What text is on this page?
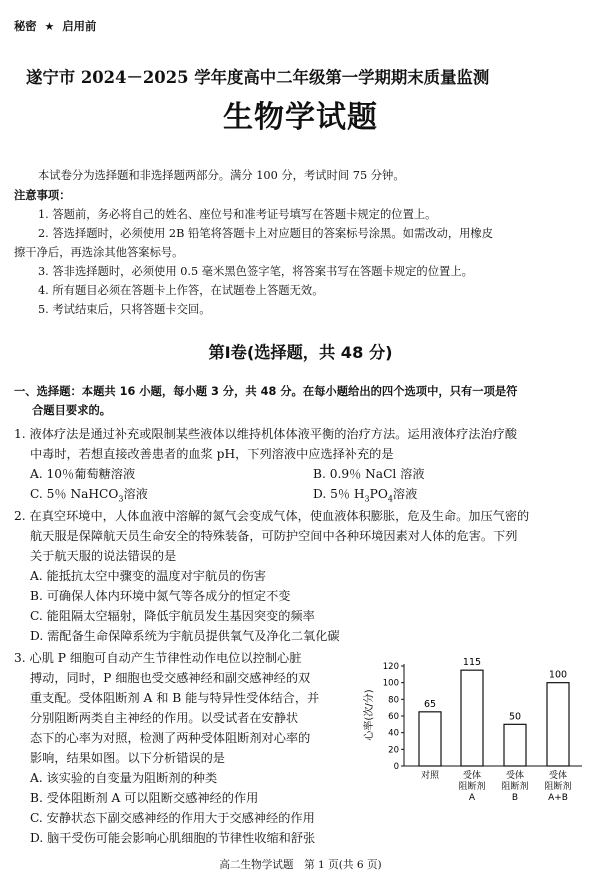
秘密 ★ 启用前
遂宁市 2024－2025 学年度高中二年级第一学期期末质量监测
生物学试题
本试卷分为选择题和非选择题两部分。满分 100 分，考试时间 75 分钟。
注意事项：
1. 答题前，务必将自己的姓名、座位号和准考证号填写在答题卡规定的位置上。
2. 答选择题时，必须使用 2B 铅笔将答题卡上对应题目的答案标号涂黑。如需改动，用橡皮
擦干净后，再选涂其他答案标号。
3. 答非选择题时，必须使用 0.5 毫米黑色签字笔，将答案书写在答题卡规定的位置上。
4. 所有题目必须在答题卡上作答，在试题卷上答题无效。
5. 考试结束后，只将答题卡交回。
第Ⅰ卷(选择题，共 48 分)
一、选择题：本题共 16 小题，每小题 3 分，共 48 分。在每小题给出的四个选项中，只有一项是符
合题目要求的。
1. 液体疗法是通过补充或限制某些液体以维持机体体液平衡的治疗方法。运用液体疗法治疗酸
中毒时，若想直接改善患者的血浆 pH，下列溶液中应选择补充的是
A. 10％葡萄糖溶液	B. 0.9％ NaCl 溶液
C. 5％ NaHCO$_3$溶液	D. 5％ $H_3PO_4$溶液
2. 在真空环境中，人体血液中溶解的氮气会变成气体，使血液体积膨胀，危及生命。加压气密的
航天服是保障航天员生命安全的特殊装备，可防护空间中各种环境因素对人体的危害。下列
关于航天服的说法错误的是
A. 能抵抗太空中骤变的温度对宇航员的伤害
B. 可确保人体内环境中氮气等各成分的恒定不变
C. 能阻隔太空辐射，降低宇航员发生基因突变的频率
D. 需配备生命保障系统为宇航员提供氧气及净化二氧化碳
3. 心肌 P 细胞可自动产生节律性动作电位以控制心脏
搏动，同时，P 细胞也受交感神经和副交感神经的双
重支配。受体阻断剂 A 和 B 能与特异性受体结合，并
分别阻断两类自主神经的作用。以受试者在安静状
态下的心率为对照，检测了两种受体阻断剂对心率的
影响，结果如图。以下分析错误的是
A. 该实验的自变量为阻断剂的种类
B. 受体阻断剂 A 可以阻断交感神经的作用
C. 安静状态下副交感神经的作用大于交感神经的作用
D. 脑干受伤可能会影响心肌细胞的节律性收缩和舒张
心率(次/分)
0
20
40
60
80
100
120
65
115
50
100
对照	受体
阻断剂
A
受体
阻断剂
B
受体
阻断剂
A+B
高二生物学试题　第 1 页(共 6 页)
